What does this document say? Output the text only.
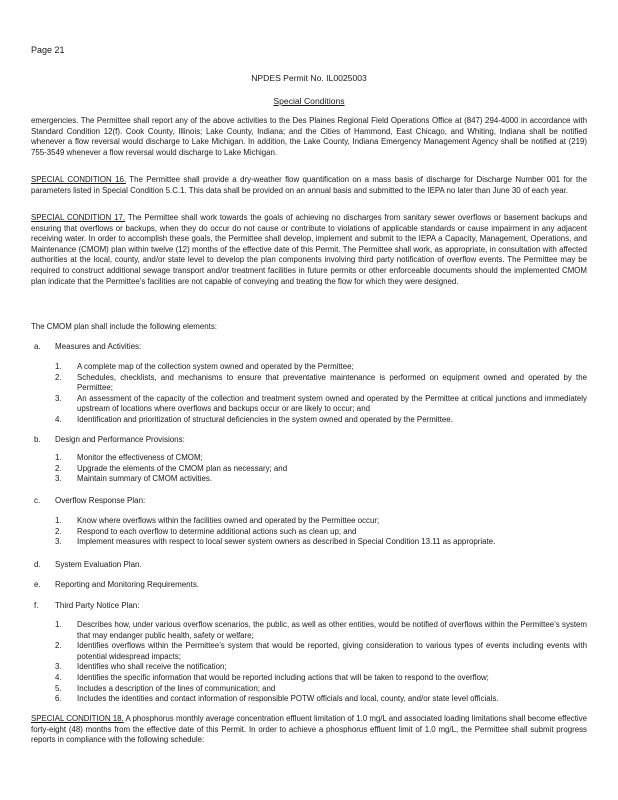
Page 21
NPDES Permit No. IL0025003
Special Conditions

emergencies. The Permittee shall report any of the above activities to the Des Plaines Regional Field Operations Office at (847) 294-4000 in accordance with Standard Condition 12(f). Cook County, Illinois; Lake County, Indiana; and the Cities of Hammond, East Chicago, and Whiting, Indiana shall be notified whenever a flow reversal would discharge to Lake Michigan. In addition, the Lake County, Indiana Emergency Management Agency shall be notified at (219) 755-3549 whenever a flow reversal would discharge to Lake Michigan.

SPECIAL CONDITION 16. The Permittee shall provide a dry-weather flow quantification on a mass basis of discharge for Discharge Number 001 for the parameters listed in Special Condition 5.C.1. This data shall be provided on an annual basis and submitted to the IEPA no later than June 30 of each year.

SPECIAL CONDITION 17. The Permittee shall work towards the goals of achieving no discharges from sanitary sewer overflows or basement backups and ensuring that overflows or backups, when they do occur do not cause or contribute to violations of applicable standards or cause impairment in any adjacent receiving water. In order to accomplish these goals, the Permittee shall develop, implement and submit to the IEPA a Capacity, Management, Operations, and Maintenance (CMOM) plan within twelve (12) months of the effective date of this Permit. The Permittee shall work, as appropriate, in consultation with affected authorities at the local, county, and/or state level to develop the plan components involving third party notification of overflow events. The Permittee may be required to construct additional sewage transport and/or treatment facilities in future permits or other enforceable documents should the implemented CMOM plan indicate that the Permittee’s facilities are not capable of conveying and treating the flow for which they were designed.

The CMOM plan shall include the following elements:

a. Measures and Activities:
1. A complete map of the collection system owned and operated by the Permittee;
2. Schedules, checklists, and mechanisms to ensure that preventative maintenance is performed on equipment owned and operated by the Permittee;
3. An assessment of the capacity of the collection and treatment system owned and operated by the Permittee at critical junctions and immediately upstream of locations where overflows and backups occur or are likely to occur; and
4. Identification and prioritization of structural deficiencies in the system owned and operated by the Permittee.
b. Design and Performance Provisions:
1. Monitor the effectiveness of CMOM;
2. Upgrade the elements of the CMOM plan as necessary; and
3. Maintain summary of CMOM activities.
c. Overflow Response Plan:
1. Know where overflows within the facilities owned and operated by the Permittee occur;
2. Respond to each overflow to determine additional actions such as clean up; and
3. Implement measures with respect to local sewer system owners as described in Special Condition 13.11 as appropriate.
d. System Evaluation Plan.
e. Reporting and Monitoring Requirements.
f. Third Party Notice Plan:
1. Describes how, under various overflow scenarios, the public, as well as other entities, would be notified of overflows within the Permittee’s system that may endanger public health, safety or welfare;
2. Identifies overflows within the Permittee’s system that would be reported, giving consideration to various types of events including events with potential widespread impacts;
3. Identifies who shall receive the notification;
4. Identifies the specific information that would be reported including actions that will be taken to respond to the overflow;
5. Includes a description of the lines of communication; and
6. Includes the identities and contact information of responsible POTW officials and local, county, and/or state level officials.

SPECIAL CONDITION 18. A phosphorus monthly average concentration effluent limitation of 1.0 mg/L and associated loading limitations shall become effective forty-eight (48) months from the effective date of this Permit. In order to achieve a phosphorus effluent limit of 1.0 mg/L, the Permittee shall submit progress reports in compliance with the following schedule:
